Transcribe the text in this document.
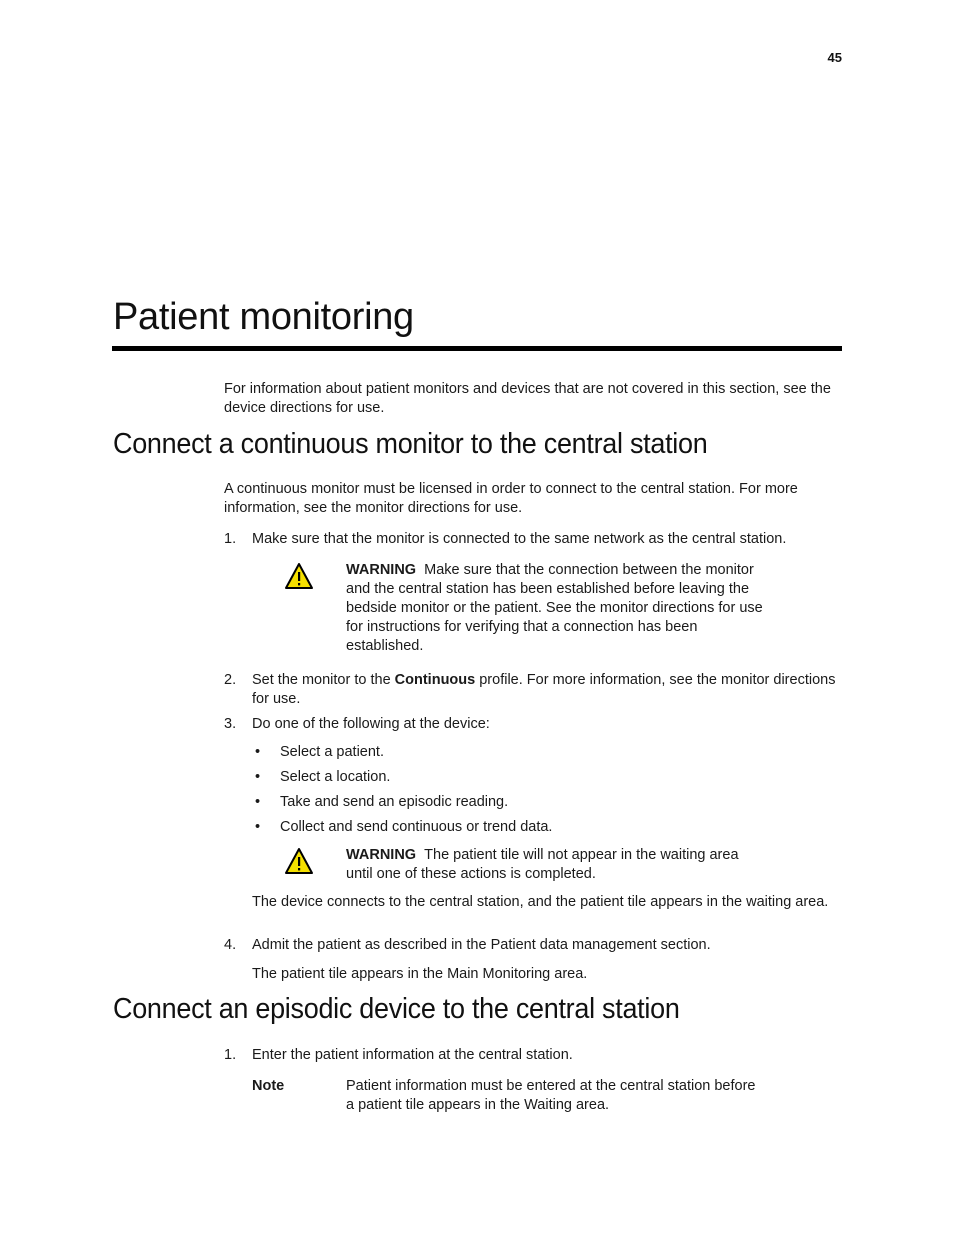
45
Patient monitoring

For information about patient monitors and devices that are not covered in this section, see the device directions for use.

Connect a continuous monitor to the central station

A continuous monitor must be licensed in order to connect to the central station. For more information, see the monitor directions for use.

1. Make sure that the monitor is connected to the same network as the central station.

WARNING Make sure that the connection between the monitor and the central station has been established before leaving the bedside monitor or the patient. See the monitor directions for use for instructions for verifying that a connection has been established.

2. Set the monitor to the Continuous profile. For more information, see the monitor directions for use.

3. Do one of the following at the device:

• Select a patient.
• Select a location.
• Take and send an episodic reading.
• Collect and send continuous or trend data.

WARNING The patient tile will not appear in the waiting area until one of these actions is completed.

The device connects to the central station, and the patient tile appears in the waiting area.

4. Admit the patient as described in the Patient data management section.

The patient tile appears in the Main Monitoring area.

Connect an episodic device to the central station
1. Enter the patient information at the central station.

Note	Patient information must be entered at the central station before a patient tile appears in the Waiting area.
